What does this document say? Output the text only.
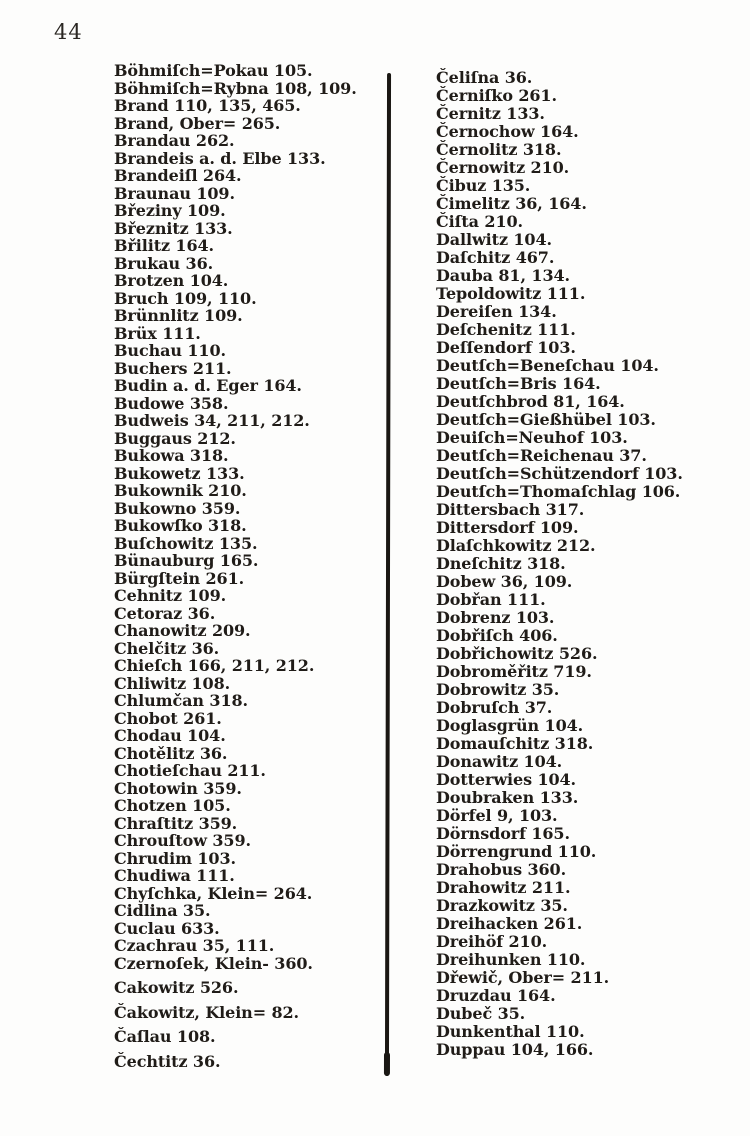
44
Böhmiſch=Pokau 105.
Böhmiſch=Rybna 108, 109.
Brand 110, 135, 465.
Brand, Ober= 265.
Brandau 262.
Brandeis a. d. Elbe 133.
Brandeiſl 264.
Braunau 109.
Březiny 109.
Březnitz 133.
Břilitz 164.
Brukau 36.
Brotzen 104.
Bruch 109, 110.
Brünnlitz 109.
Brüx 111.
Buchau 110.
Buchers 211.
Budin a. d. Eger 164.
Budowe 358.
Budweis 34, 211, 212.
Buggaus 212.
Bukowa 318.
Bukowetz 133.
Bukownik 210.
Bukowno 359.
Bukowſko 318.
Buſchowitz 135.
Bünauburg 165.
Bürgſtein 261.
Cehnitz 109.
Cetoraz 36.
Chanowitz 209.
Chelčitz 36.
Chieſch 166, 211, 212.
Chliwitz 108.
Chlumčan 318.
Chobot 261.
Chodau 104.
Chotělitz 36.
Chotieſchau 211.
Chotowin 359.
Chotzen 105.
Chraſtitz 359.
Chrouſtow 359.
Chrudim 103.
Chudiwa 111.
Chyſchka, Klein= 264.
Cidlina 35.
Cuclau 633.
Czachrau 35, 111.
Czernoſek, Klein- 360.
Cakowitz 526.
Čakowitz, Klein= 82.
Čaſlau 108.
Čechtitz 36.
Čeliſna 36.
Černiſko 261.
Černitz 133.
Černochow 164.
Černolitz 318.
Černowitz 210.
Čibuz 135.
Čimelitz 36, 164.
Čiſta 210.
Dallwitz 104.
Daſchitz 467.
Dauba 81, 134.
Tepoldowitz 111.
Dereiſen 134.
Deſchenitz 111.
Deſſendorf 103.
Deutſch=Beneſchau 104.
Deutſch=Bris 164.
Deutſchbrod 81, 164.
Deutſch=Gießhübel 103.
Deuiſch=Neuhof 103.
Deutſch=Reichenau 37.
Deutſch=Schützendorf 103.
Deutſch=Thomaſchlag 106.
Dittersbach 317.
Dittersdorf 109.
Dlaſchkowitz 212.
Dneſchitz 318.
Dobew 36, 109.
Dobřan 111.
Dobrenz 103.
Dobřiſch 406.
Dobřichowitz 526.
Dobroměřitz 719.
Dobrowitz 35.
Dobruſch 37.
Doglasgrün 104.
Domauſchitz 318.
Donawitz 104.
Dotterwies 104.
Doubraken 133.
Dörfel 9, 103.
Dörnsdorf 165.
Dörrengrund 110.
Drahobus 360.
Drahowitz 211.
Drazkowitz 35.
Dreihacken 261.
Dreihöf 210.
Dreihunken 110.
Dřewič, Ober= 211.
Druzdau 164.
Dubeč 35.
Dunkenthal 110.
Duppau 104, 166.
